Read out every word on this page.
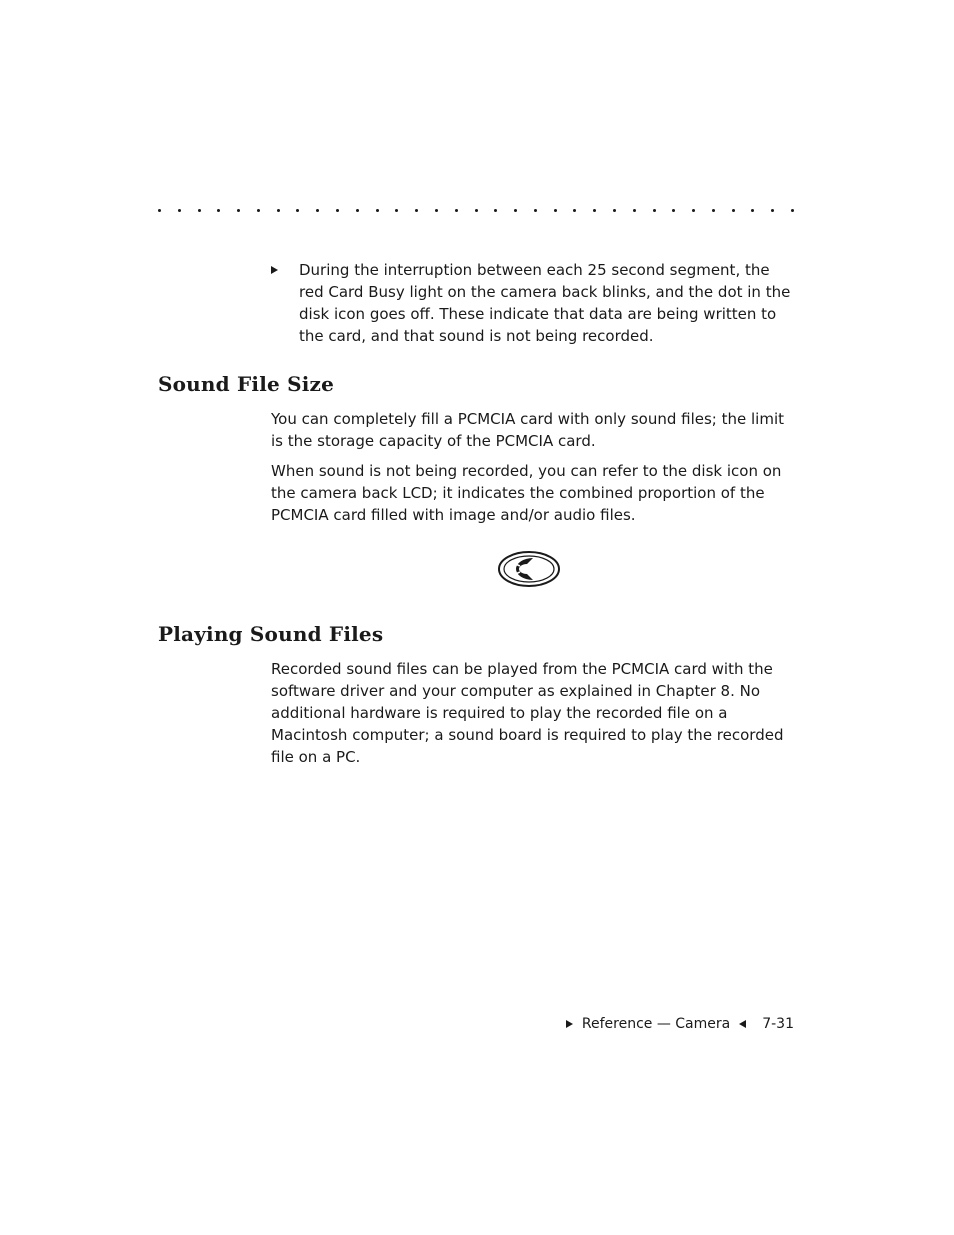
During the interruption between each 25 second segment, the red Card Busy light on the camera back blinks, and the dot in the disk icon goes off. These indicate that data are being written to the card, and that sound is not being recorded.
Sound File Size

You can completely fill a PCMCIA card with only sound files; the limit is the storage capacity of the PCMCIA card.

When sound is not being recorded, you can refer to the disk icon on the camera back LCD; it indicates the combined proportion of the PCMCIA card filled with image and/or audio files.

Playing Sound Files

Recorded sound files can be played from the PCMCIA card with the software driver and your computer as explained in Chapter 8. No additional hardware is required to play the recorded file on a Macintosh computer; a sound board is required to play the recorded file on a PC.

Reference — Camera 7-31
